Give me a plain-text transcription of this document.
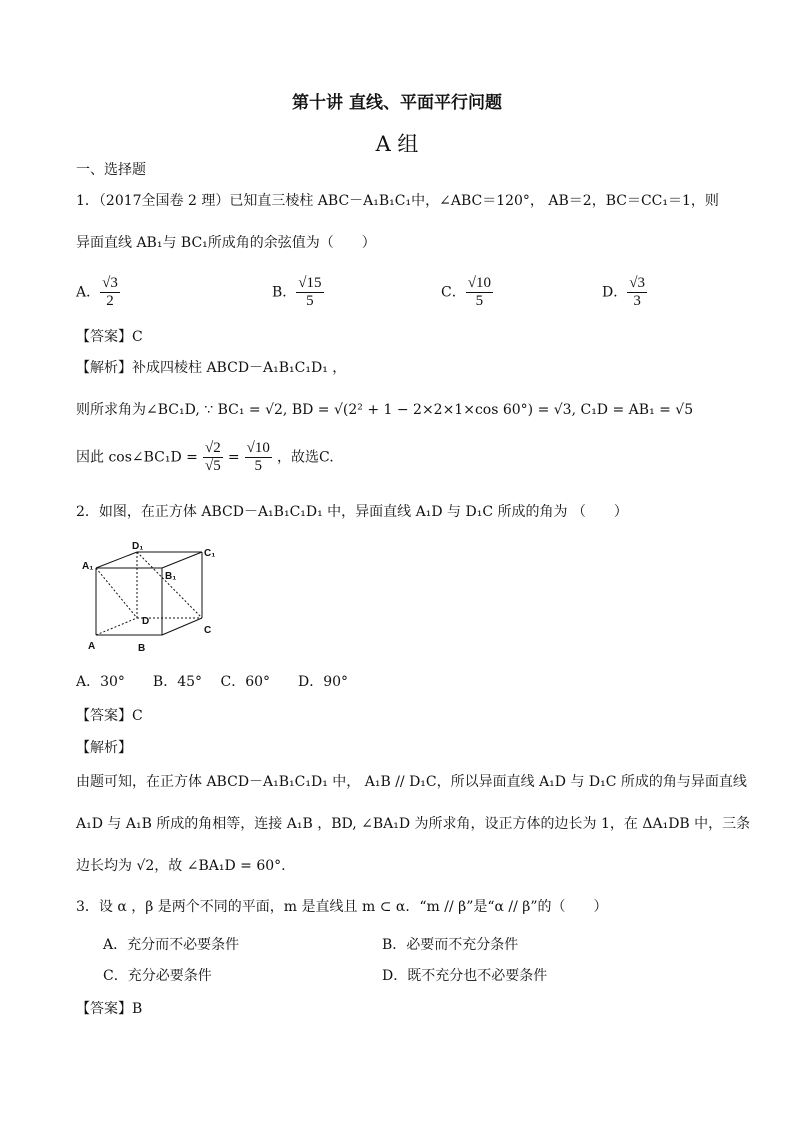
第十讲 直线、平面平行问题
A 组
一、选择题
1．（2017全国卷 2 理）已知直三棱柱 ABC－A₁B₁C₁中，∠ABC＝120°， AB＝2，BC＝CC₁＝1，则
异面直线 AB₁与 BC₁所成角的余弦值为（　　）
A． $\frac{√3}{2}$	B． $\frac{√15}{5}$	C． $\frac{√10}{5}$	D． $\frac{√3}{3}$
【答案】C
【解析】补成四棱柱 ABCD－A₁B₁C₁D₁ ，
则所求角为∠BC₁D, ∵ BC₁ = √2, BD = √(2² + 1 − 2×2×1×cos 60°) = √3, C₁D = AB₁ = √5
因此 cos∠BC₁D = $\frac{√2}{√5} = \frac{√10}{5}$ ，故选C.
2．如图，在正方体 ABCD－A₁B₁C₁D₁ 中，异面直线 A₁D 与 D₁C 所成的角为 （　　）
A₁
D₁
C₁
B₁
D
C
A	B
A．30°　　B．45°　 C．60°　　D．90°
【答案】C
【解析】
由题可知，在正方体 ABCD－A₁B₁C₁D₁ 中， A₁B // D₁C，所以异面直线 A₁D 与 D₁C 所成的角与异面直线
A₁D 与 A₁B 所成的角相等，连接 A₁B ，BD, ∠BA₁D 为所求角，设正方体的边长为 1，在 ΔA₁DB 中，三条
边长均为 √2，故 ∠BA₁D = 60°.
3．设 α ，β 是两个不同的平面，m 是直线且 m ⊂ α．“m // β”是“α // β”的（　　）
A．充分而不必要条件	B．必要而不充分条件
C．充分必要条件	D．既不充分也不必要条件
【答案】B
